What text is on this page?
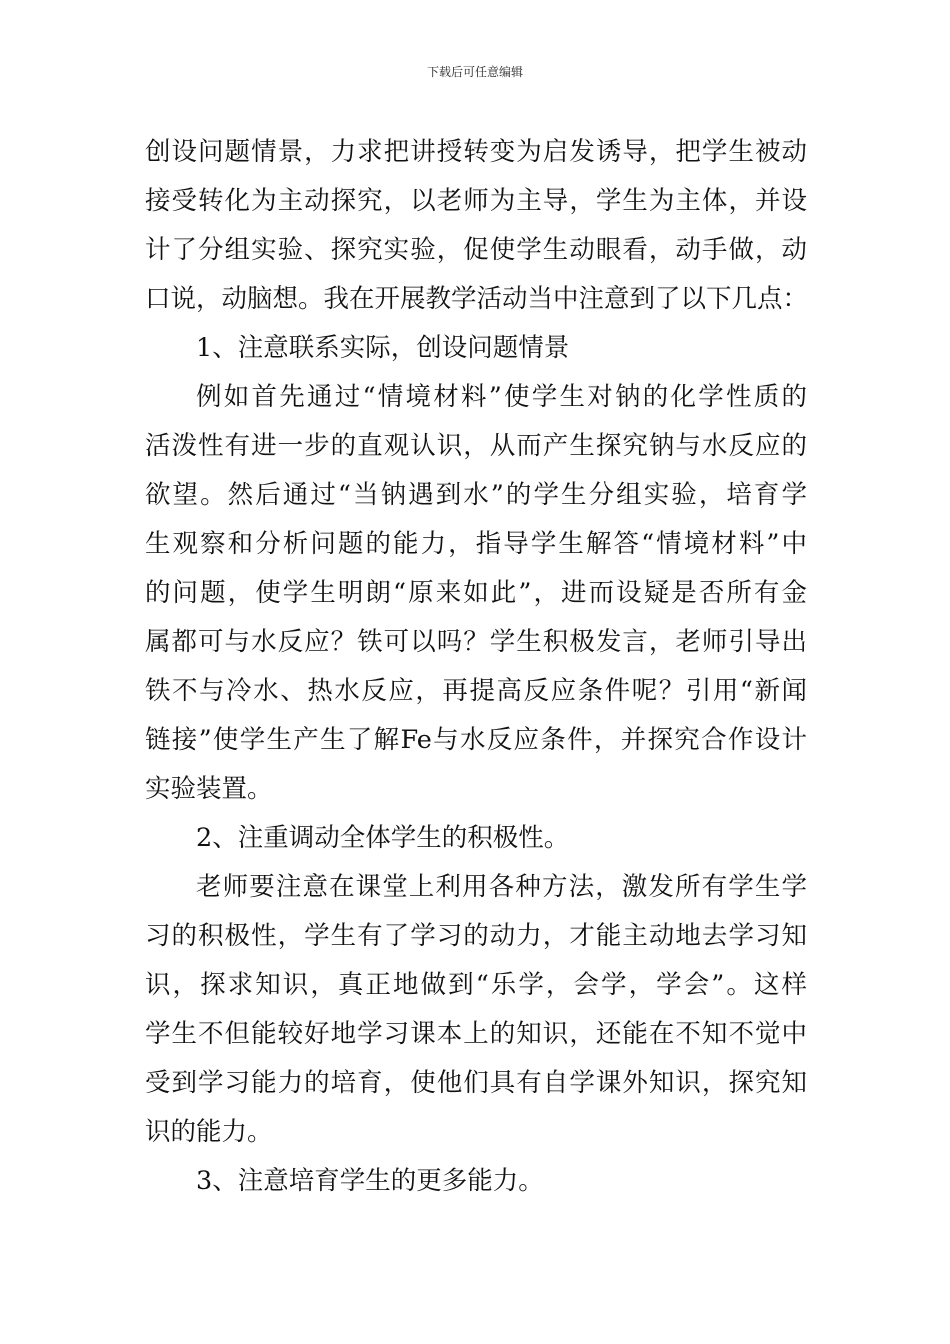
下载后可任意编辑
创设问题情景，力求把讲授转变为启发诱导，把学生被动
接受转化为主动探究，以老师为主导，学生为主体，并设
计了分组实验、探究实验，促使学生动眼看，动手做，动
口说，动脑想。我在开展教学活动当中注意到了以下几点：
1、注意联系实际，创设问题情景
例如首先通过“情境材料”使学生对钠的化学性质的
活泼性有进一步的直观认识，从而产生探究钠与水反应的
欲望。然后通过“当钠遇到水”的学生分组实验，培育学
生观察和分析问题的能力，指导学生解答“情境材料”中
的问题，使学生明朗“原来如此”，进而设疑是否所有金
属都可与水反应？铁可以吗？学生积极发言，老师引导出
铁不与冷水、热水反应，再提高反应条件呢？引用“新闻
链接”使学生产生了解Fe与水反应条件，并探究合作设计
实验装置。
2、注重调动全体学生的积极性。
老师要注意在课堂上利用各种方法，激发所有学生学
习的积极性，学生有了学习的动力，才能主动地去学习知
识，探求知识，真正地做到“乐学，会学，学会”。这样
学生不但能较好地学习课本上的知识，还能在不知不觉中
受到学习能力的培育，使他们具有自学课外知识，探究知
识的能力。
3、注意培育学生的更多能力。
